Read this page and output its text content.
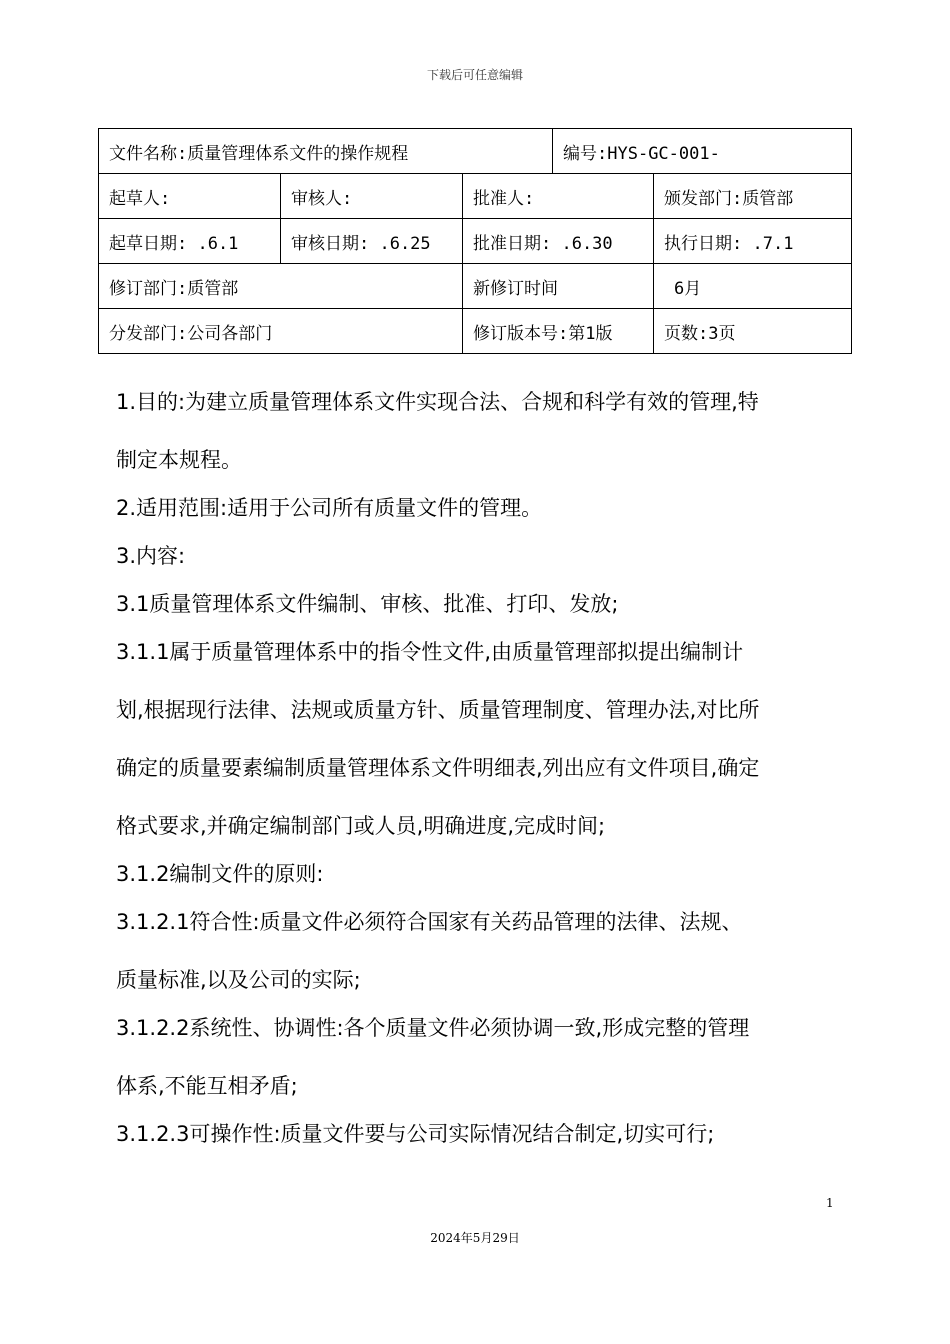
下载后可任意编辑
文件名称:质量管理体系文件的操作规程			编号:HYS-GC-001-	
起草人:	审核人:	批准人:		颁发部门:质管部
起草日期: .6.1	审核日期: .6.25	批准日期: .6.30		执行日期: .7.1
修订部门:质管部		新修订时间		6月
分发部门:公司各部门		修订版本号:第1版		页数:3页

1.目的:为建立质量管理体系文件实现合法、合规和科学有效的管理,特

制定本规程。

2.适用范围:适用于公司所有质量文件的管理。

3.内容:

3.1质量管理体系文件编制、审核、批准、打印、发放;

3.1.1属于质量管理体系中的指令性文件,由质量管理部拟提出编制计

划,根据现行法律、法规或质量方针、质量管理制度、管理办法,对比所

确定的质量要素编制质量管理体系文件明细表,列出应有文件项目,确定

格式要求,并确定编制部门或人员,明确进度,完成时间;

3.1.2编制文件的原则:

3.1.2.1符合性:质量文件必须符合国家有关药品管理的法律、法规、

质量标准,以及公司的实际;

3.1.2.2系统性、协调性:各个质量文件必须协调一致,形成完整的管理

体系,不能互相矛盾;

3.1.2.3可操作性:质量文件要与公司实际情况结合制定,切实可行;

1
2024年5月29日
